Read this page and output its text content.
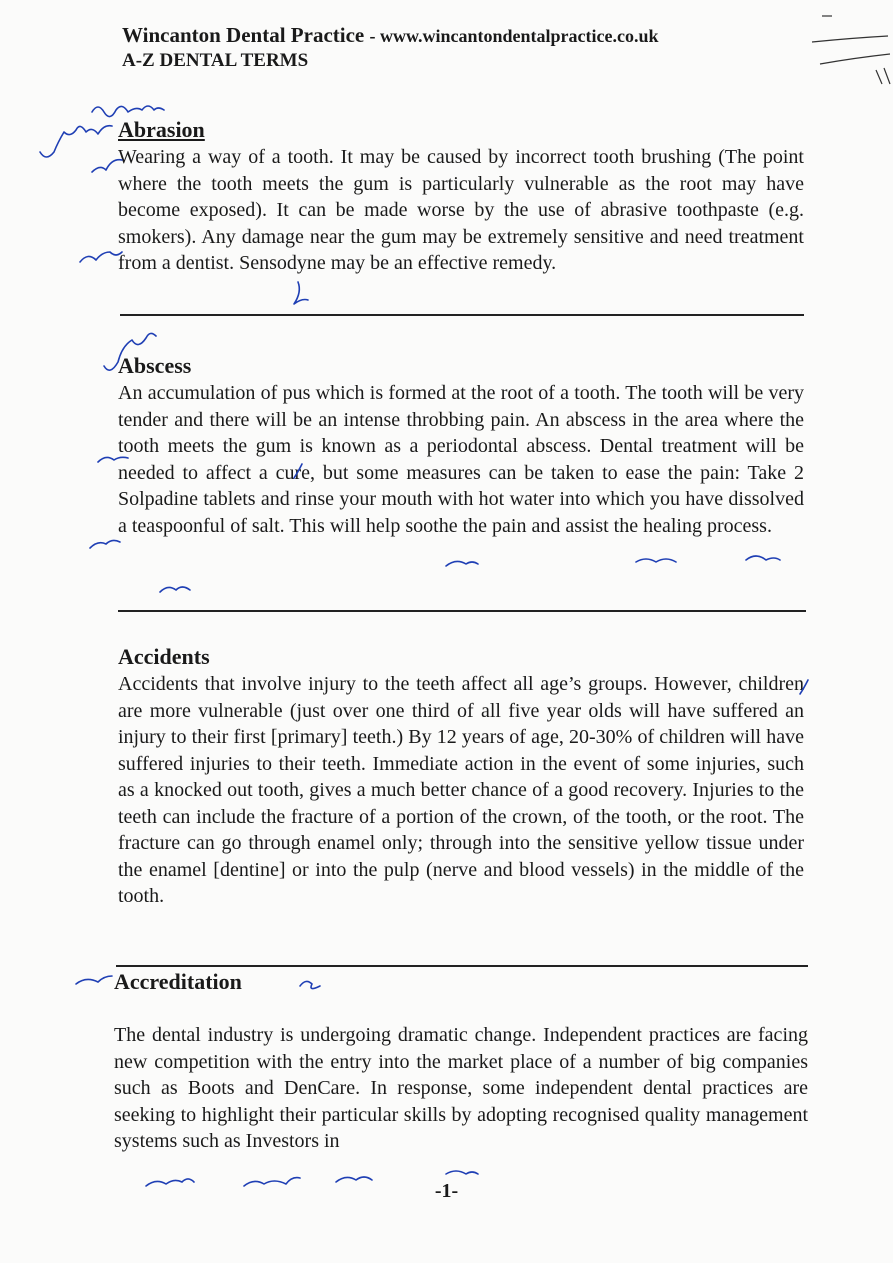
Wincanton Dental Practice - www.wincantondentalpractice.co.uk
A-Z DENTAL TERMS
Abrasion

Wearing a way of a tooth. It may be caused by incorrect tooth brushing (The point where the tooth meets the gum is particularly vulnerable as the root may have become exposed). It can be made worse by the use of abrasive toothpaste (e.g. smokers). Any damage near the gum may be extremely sensitive and need treatment from a dentist. Sensodyne may be an effective remedy.

Abscess

An accumulation of pus which is formed at the root of a tooth. The tooth will be very tender and there will be an intense throbbing pain. An abscess in the area where the tooth meets the gum is known as a periodontal abscess. Dental treatment will be needed to affect a cure, but some measures can be taken to ease the pain: Take 2 Solpadine tablets and rinse your mouth with hot water into which you have dissolved a teaspoonful of salt. This will help soothe the pain and assist the healing process.

Accidents

Accidents that involve injury to the teeth affect all age’s groups. However, children are more vulnerable (just over one third of all five year olds will have suffered an injury to their first [primary] teeth.) By 12 years of age, 20-30% of children will have suffered injuries to their teeth. Immediate action in the event of some injuries, such as a knocked out tooth, gives a much better chance of a good recovery. Injuries to the teeth can include the fracture of a portion of the crown, of the tooth, or the root. The fracture can go through enamel only; through into the sensitive yellow tissue under the enamel [dentine] or into the pulp (nerve and blood vessels) in the middle of the tooth.

Accreditation

The dental industry is undergoing dramatic change. Independent practices are facing new competition with the entry into the market place of a number of big companies such as Boots and DenCare. In response, some independent dental practices are seeking to highlight their particular skills by adopting recognised quality management systems such as Investors in

-1-
